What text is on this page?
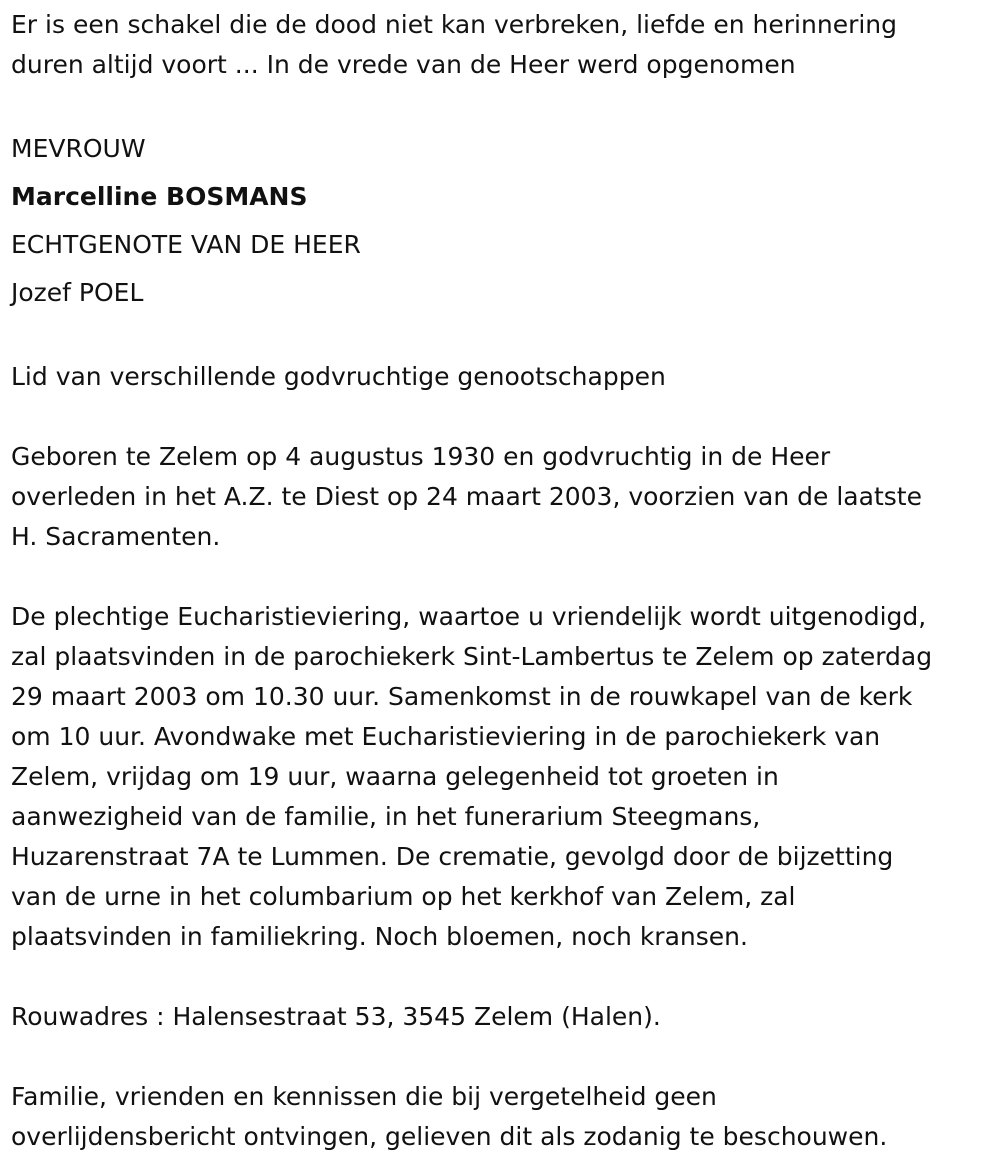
Er is een schakel die de dood niet kan verbreken, liefde en herinnering
duren altijd voort ... In de vrede van de Heer werd opgenomen

MEVROUW

Marcelline BOSMANS

ECHTGENOTE VAN DE HEER

Jozef POEL

Lid van verschillende godvruchtige genootschappen

Geboren te Zelem op 4 augustus 1930 en godvruchtig in de Heer
overleden in het A.Z. te Diest op 24 maart 2003, voorzien van de laatste
H. Sacramenten.

De plechtige Eucharistieviering, waartoe u vriendelijk wordt uitgenodigd,
zal plaatsvinden in de parochiekerk Sint-Lambertus te Zelem op zaterdag
29 maart 2003 om 10.30 uur. Samenkomst in de rouwkapel van de kerk
om 10 uur. Avondwake met Eucharistieviering in de parochiekerk van
Zelem, vrijdag om 19 uur, waarna gelegenheid tot groeten in
aanwezigheid van de familie, in het funerarium Steegmans,
Huzarenstraat 7A te Lummen. De crematie, gevolgd door de bijzetting
van de urne in het columbarium op het kerkhof van Zelem, zal
plaatsvinden in familiekring. Noch bloemen, noch kransen.

Rouwadres : Halensestraat 53, 3545 Zelem (Halen).

Familie, vrienden en kennissen die bij vergetelheid geen
overlijdensbericht ontvingen, gelieven dit als zodanig te beschouwen.
